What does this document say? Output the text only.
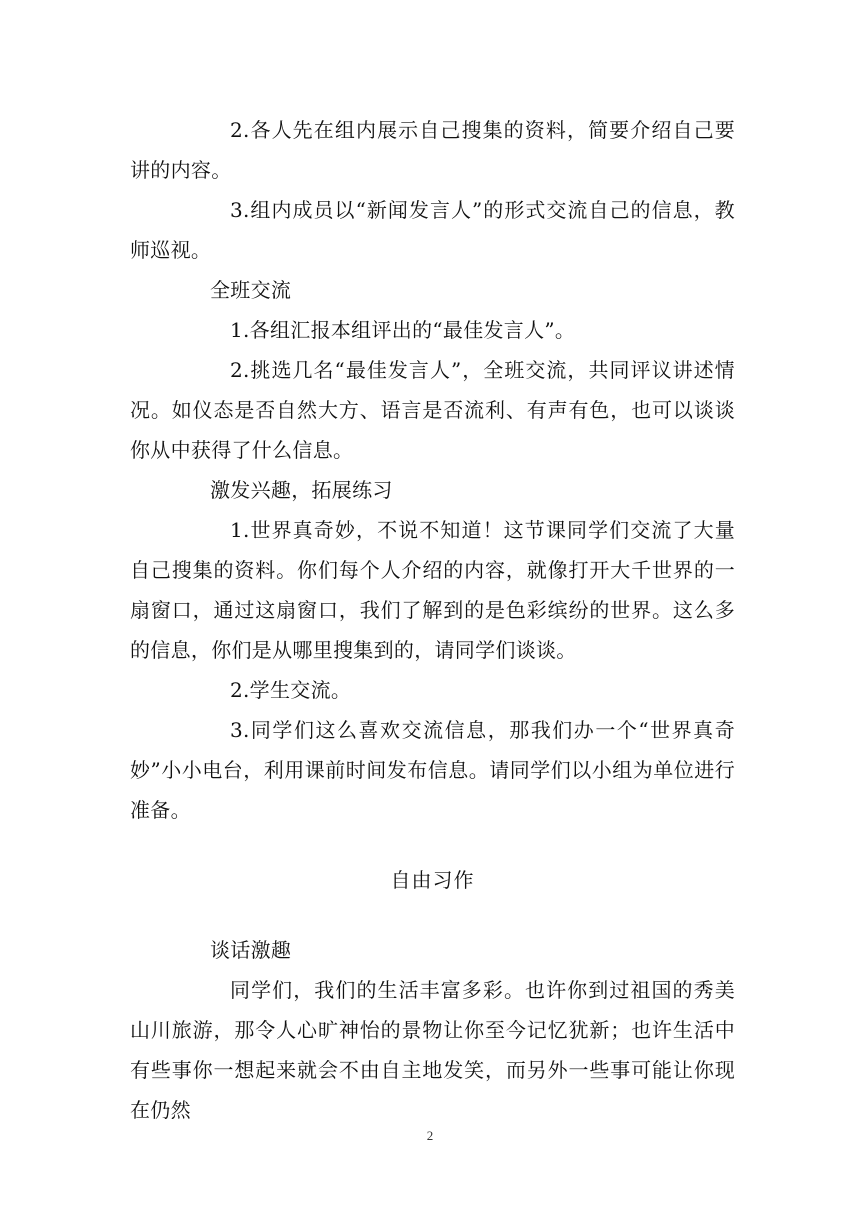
2.各人先在组内展示自己搜集的资料，简要介绍自己要讲的内容。

3.组内成员以“新闻发言人”的形式交流自己的信息，教师巡视。

全班交流

1.各组汇报本组评出的“最佳发言人”。

2.挑选几名“最佳发言人”，全班交流，共同评议讲述情况。如仪态是否自然大方、语言是否流利、有声有色，也可以谈谈你从中获得了什么信息。

激发兴趣，拓展练习

1.世界真奇妙，不说不知道！这节课同学们交流了大量自己搜集的资料。你们每个人介绍的内容，就像打开大千世界的一扇窗口，通过这扇窗口，我们了解到的是色彩缤纷的世界。这么多的信息，你们是从哪里搜集到的，请同学们谈谈。

2.学生交流。

3.同学们这么喜欢交流信息，那我们办一个“世界真奇妙”小小电台，利用课前时间发布信息。请同学们以小组为单位进行准备。

自由习作

谈话激趣

同学们，我们的生活丰富多彩。也许你到过祖国的秀美山川旅游，那令人心旷神怡的景物让你至今记忆犹新；也许生活中有些事你一想起来就会不由自主地发笑，而另外一些事可能让你现在仍然

2
